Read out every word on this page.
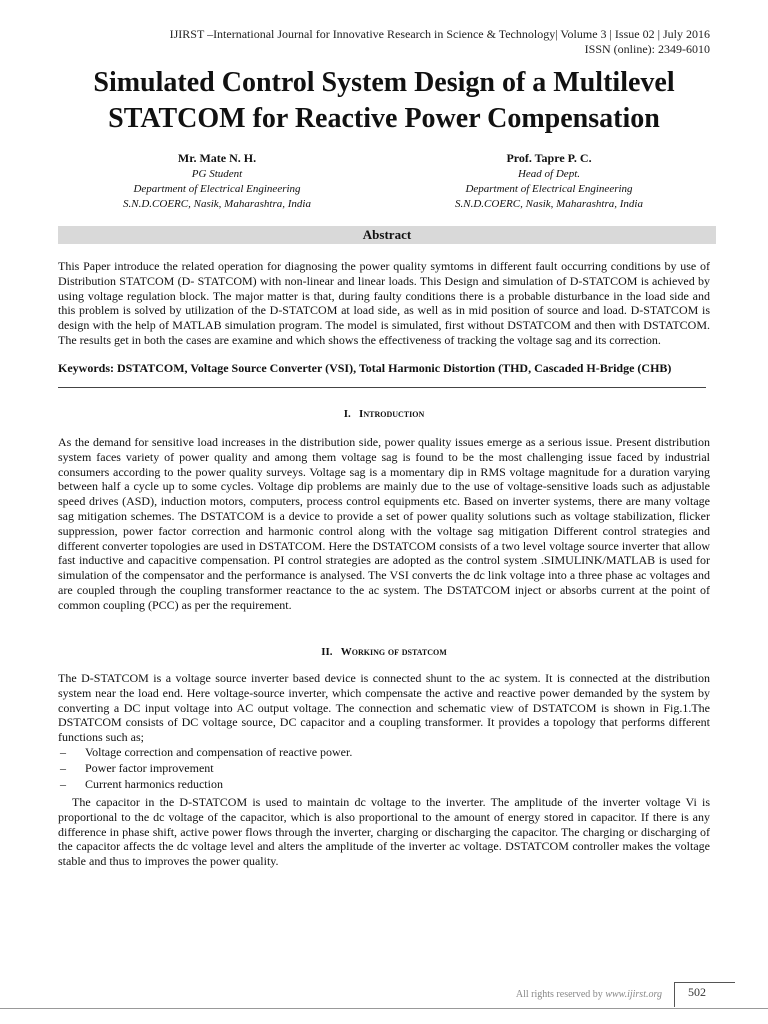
IJIRST –International Journal for Innovative Research in Science & Technology| Volume 3 | Issue 02 | July 2016
ISSN (online): 2349-6010
Simulated Control System Design of a Multilevel
STATCOM for Reactive Power Compensation
Mr. Mate N. H.
PG Student
Department of Electrical Engineering
S.N.D.COERC, Nasik, Maharashtra, India
Prof. Tapre P. C.
Head of Dept.
Department of Electrical Engineering
S.N.D.COERC, Nasik, Maharashtra, India
Abstract
This Paper introduce the related operation for diagnosing the power quality symtoms in different fault occurring conditions by use of Distribution STATCOM (D- STATCOM) with non-linear and linear loads. This Design and simulation of D-STATCOM is achieved by using voltage regulation block. The major matter is that, during faulty conditions there is a probable disturbance in the load side and this problem is solved by utilization of the D-STATCOM at load side, as well as in mid position of source and load. D-STATCOM is design with the help of MATLAB simulation program. The model is simulated, first without DSTATCOM and then with DSTATCOM. The results get in both the cases are examine and which shows the effectiveness of tracking the voltage sag and its correction.
Keywords: DSTATCOM, Voltage Source Converter (VSI), Total Harmonic Distortion (THD, Cascaded H-Bridge (CHB)
I. Introduction
As the demand for sensitive load increases in the distribution side, power quality issues emerge as a serious issue. Present distribution system faces variety of power quality and among them voltage sag is found to be the most challenging issue faced by industrial consumers according to the power quality surveys. Voltage sag is a momentary dip in RMS voltage magnitude for a duration varying between half a cycle up to some cycles. Voltage dip problems are mainly due to the use of voltage-sensitive loads such as adjustable speed drives (ASD), induction motors, computers, process control equipments etc. Based on inverter systems, there are many voltage sag mitigation schemes. The DSTATCOM is a device to provide a set of power quality solutions such as voltage stabilization, flicker suppression, power factor correction and harmonic control along with the voltage sag mitigation Different control strategies and different converter topologies are used in DSTATCOM. Here the DSTATCOM consists of a two level voltage source inverter that allow fast inductive and capacitive compensation. PI control strategies are adopted as the control system .SIMULINK/MATLAB is used for simulation of the compensator and the performance is analysed. The VSI converts the dc link voltage into a three phase ac voltages and are coupled through the coupling transformer reactance to the ac system. The DSTATCOM inject or absorbs current at the point of common coupling (PCC) as per the requirement.
II. Working of dstatcom
The D-STATCOM is a voltage source inverter based device is connected shunt to the ac system. It is connected at the distribution system near the load end. Here voltage-source inverter, which compensate the active and reactive power demanded by the system by converting a DC input voltage into AC output voltage. The connection and schematic view of DSTATCOM is shown in Fig.1.The DSTATCOM consists of DC voltage source, DC capacitor and a coupling transformer. It provides a topology that performs different functions such as;
– Voltage correction and compensation of reactive power.
– Power factor improvement
– Current harmonics reduction
The capacitor in the D-STATCOM is used to maintain dc voltage to the inverter. The amplitude of the inverter voltage Vi is proportional to the dc voltage of the capacitor, which is also proportional to the amount of energy stored in capacitor. If there is any difference in phase shift, active power flows through the inverter, charging or discharging the capacitor. The charging or discharging of the capacitor affects the dc voltage level and alters the amplitude of the inverter ac voltage. DSTATCOM controller makes the voltage stable and thus to improves the power quality.
All rights reserved by www.ijirst.org 502
